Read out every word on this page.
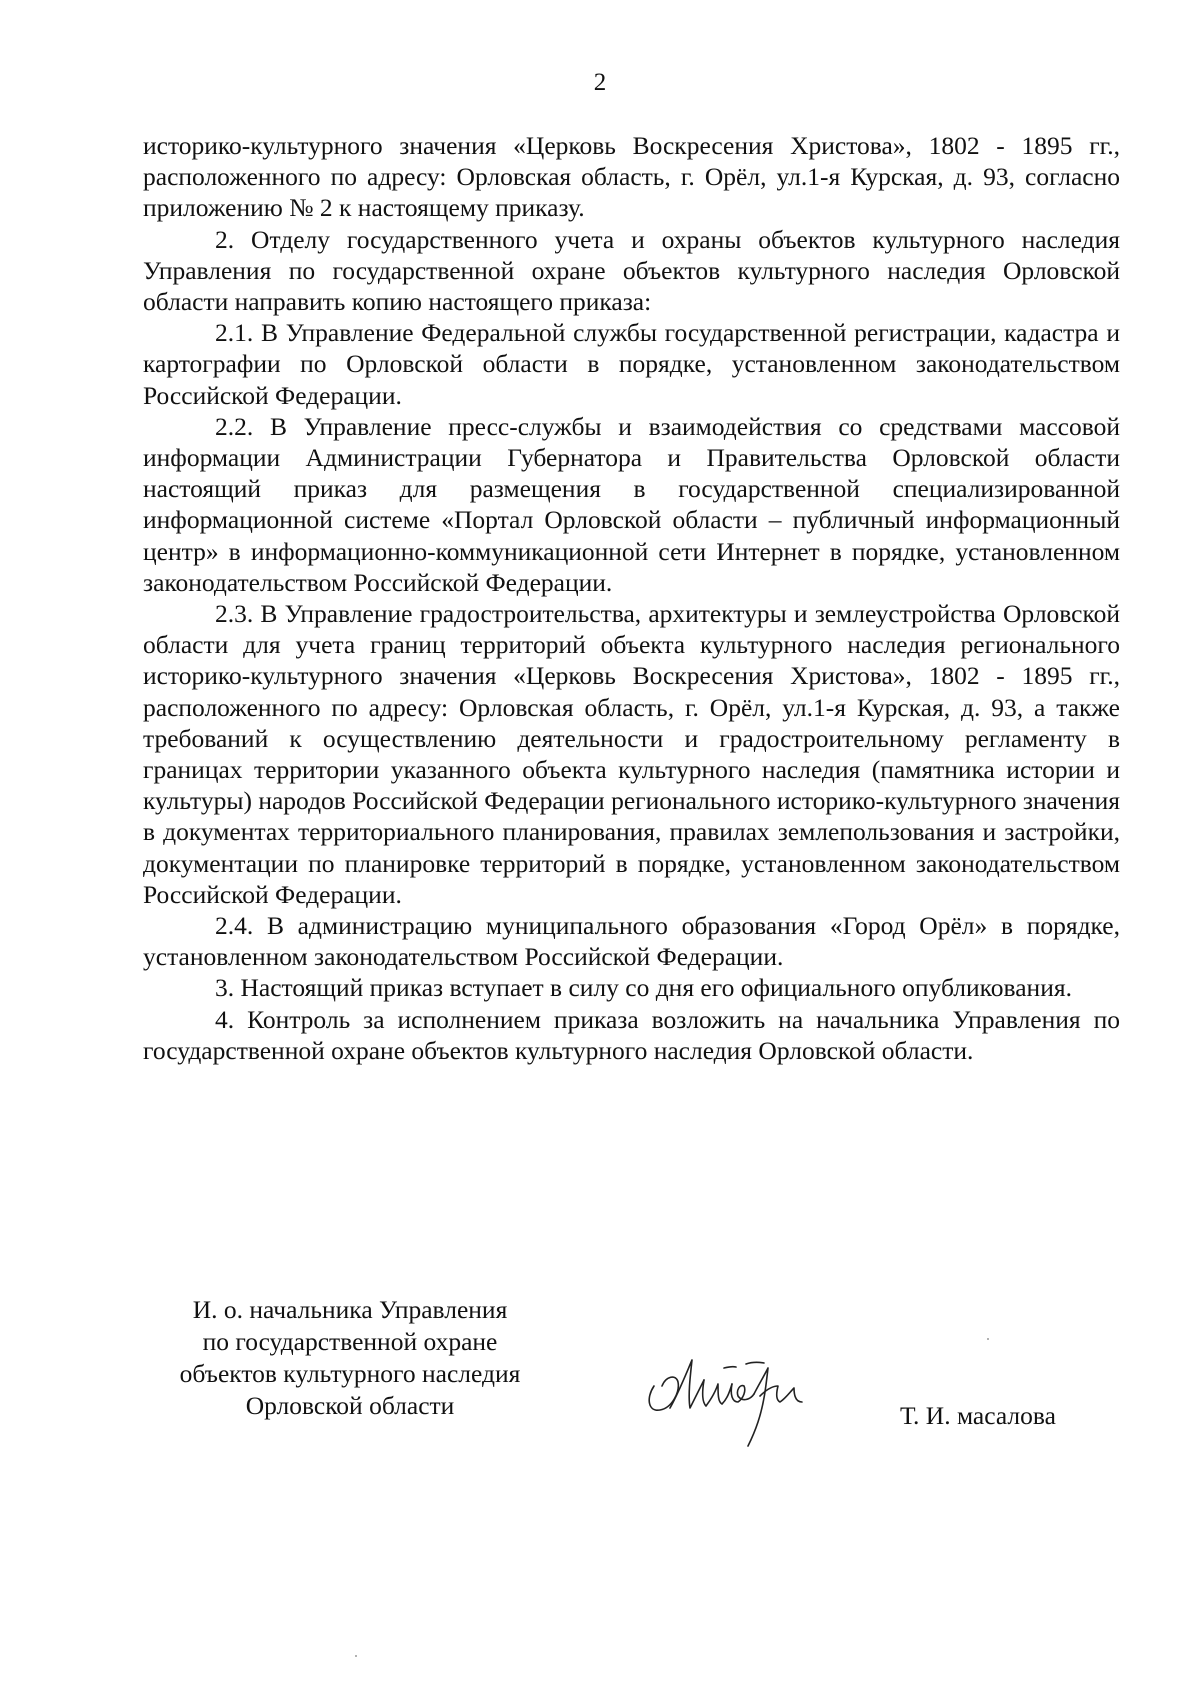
2

историко-культурного значения «Церковь Воскресения Христова», 1802 - 1895 гг., расположенного по адресу: Орловская область, г. Орёл, ул.1-я Курская, д. 93, согласно приложению № 2 к настоящему приказу.

2. Отделу государственного учета и охраны объектов культурного наследия Управления по государственной охране объектов культурного наследия Орловской области направить копию настоящего приказа:

2.1. В Управление Федеральной службы государственной регистрации, кадастра и картографии по Орловской области в порядке, установленном законодательством Российской Федерации.

2.2. В Управление пресс-службы и взаимодействия со средствами массовой информации Администрации Губернатора и Правительства Орловской области настоящий приказ для размещения в государственной специализированной информационной системе «Портал Орловской области – публичный информационный центр» в информационно-коммуникационной сети Интернет в порядке, установленном законодательством Российской Федерации.

2.3. В Управление градостроительства, архитектуры и землеустройства Орловской области для учета границ территорий объекта культурного наследия регионального историко-культурного значения «Церковь Воскресения Христова», 1802 - 1895 гг., расположенного по адресу: Орловская область, г. Орёл, ул.1-я Курская, д. 93, а также требований к осуществлению деятельности и градостроительному регламенту в границах территории указанного объекта культурного наследия (памятника истории и культуры) народов Российской Федерации регионального историко-культурного значения в документах территориального планирования, правилах землепользования и застройки, документации по планировке территорий в порядке, установленном законодательством Российской Федерации.

2.4. В администрацию муниципального образования «Город Орёл» в порядке, установленном законодательством Российской Федерации.

3. Настоящий приказ вступает в силу со дня его официального опубликования.

4. Контроль за исполнением приказа возложить на начальника Управления по государственной охране объектов культурного наследия Орловской области.

И. о. начальника Управления
по государственной охране
объектов культурного наследия
Орловской области	Т. И. масалова
